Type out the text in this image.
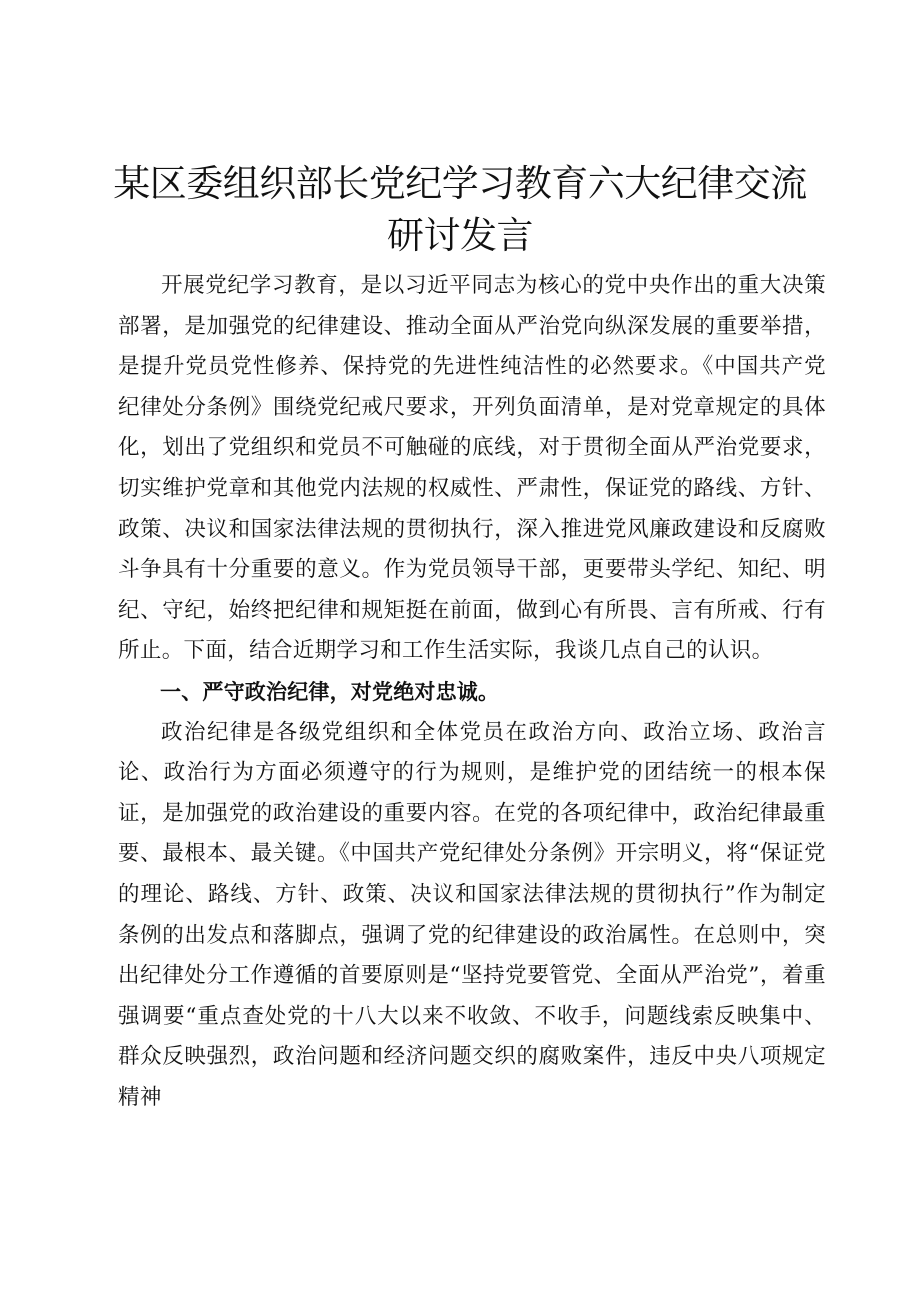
某区委组织部长党纪学习教育六大纪律交流研讨发言

开展党纪学习教育，是以习近平同志为核心的党中央作出的重大决策部署，是加强党的纪律建设、推动全面从严治党向纵深发展的重要举措，是提升党员党性修养、保持党的先进性纯洁性的必然要求。《中国共产党纪律处分条例》围绕党纪戒尺要求，开列负面清单，是对党章规定的具体化，划出了党组织和党员不可触碰的底线，对于贯彻全面从严治党要求，切实维护党章和其他党内法规的权威性、严肃性，保证党的路线、方针、政策、决议和国家法律法规的贯彻执行，深入推进党风廉政建设和反腐败斗争具有十分重要的意义。作为党员领导干部，更要带头学纪、知纪、明纪、守纪，始终把纪律和规矩挺在前面，做到心有所畏、言有所戒、行有所止。下面，结合近期学习和工作生活实际，我谈几点自己的认识。

一、严守政治纪律，对党绝对忠诚。

政治纪律是各级党组织和全体党员在政治方向、政治立场、政治言论、政治行为方面必须遵守的行为规则，是维护党的团结统一的根本保证，是加强党的政治建设的重要内容。在党的各项纪律中，政治纪律最重要、最根本、最关键。《中国共产党纪律处分条例》开宗明义，将“保证党的理论、路线、方针、政策、决议和国家法律法规的贯彻执行”作为制定条例的出发点和落脚点，强调了党的纪律建设的政治属性。在总则中，突出纪律处分工作遵循的首要原则是“坚持党要管党、全面从严治党”，着重强调要“重点查处党的十八大以来不收敛、不收手，问题线索反映集中、群众反映强烈，政治问题和经济问题交织的腐败案件，违反中央八项规定精神
